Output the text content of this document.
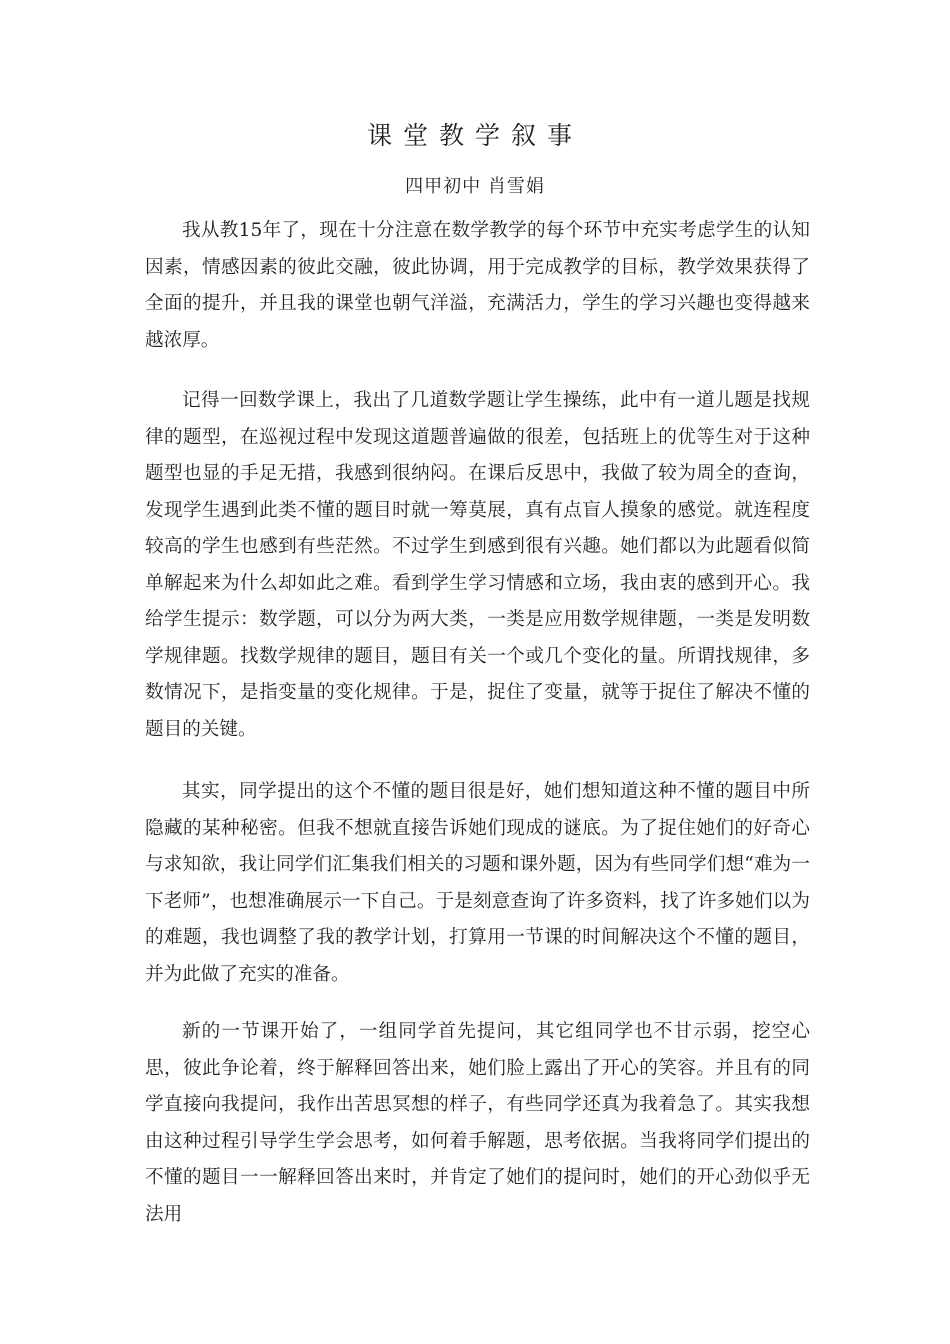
课堂教学叙事
四甲初中 肖雪娟

我从教15年了，现在十分注意在数学教学的每个环节中充实考虑学生的认知因素，情感因素的彼此交融，彼此协调，用于完成教学的目标，教学效果获得了全面的提升，并且我的课堂也朝气洋溢，充满活力，学生的学习兴趣也变得越来越浓厚。

记得一回数学课上，我出了几道数学题让学生操练，此中有一道儿题是找规律的题型，在巡视过程中发现这道题普遍做的很差，包括班上的优等生对于这种题型也显的手足无措，我感到很纳闷。在课后反思中，我做了较为周全的查询，发现学生遇到此类不懂的题目时就一筹莫展，真有点盲人摸象的感觉。就连程度较高的学生也感到有些茫然。不过学生到感到很有兴趣。她们都以为此题看似简单解起来为什么却如此之难。看到学生学习情感和立场，我由衷的感到开心。我给学生提示：数学题，可以分为两大类，一类是应用数学规律题，一类是发明数学规律题。找数学规律的题目，题目有关一个或几个变化的量。所谓找规律，多数情况下，是指变量的变化规律。于是，捉住了变量，就等于捉住了解决不懂的题目的关键。

其实，同学提出的这个不懂的题目很是好，她们想知道这种不懂的题目中所隐藏的某种秘密。但我不想就直接告诉她们现成的谜底。为了捉住她们的好奇心与求知欲，我让同学们汇集我们相关的习题和课外题，因为有些同学们想“难为一下老师”，也想准确展示一下自己。于是刻意查询了许多资料，找了许多她们以为的难题，我也调整了我的教学计划，打算用一节课的时间解决这个不懂的题目，并为此做了充实的准备。

新的一节课开始了，一组同学首先提问，其它组同学也不甘示弱，挖空心思，彼此争论着，终于解释回答出来，她们脸上露出了开心的笑容。并且有的同学直接向我提问，我作出苦思冥想的样子，有些同学还真为我着急了。其实我想由这种过程引导学生学会思考，如何着手解题，思考依据。当我将同学们提出的不懂的题目一一解释回答出来时，并肯定了她们的提问时，她们的开心劲似乎无法用
